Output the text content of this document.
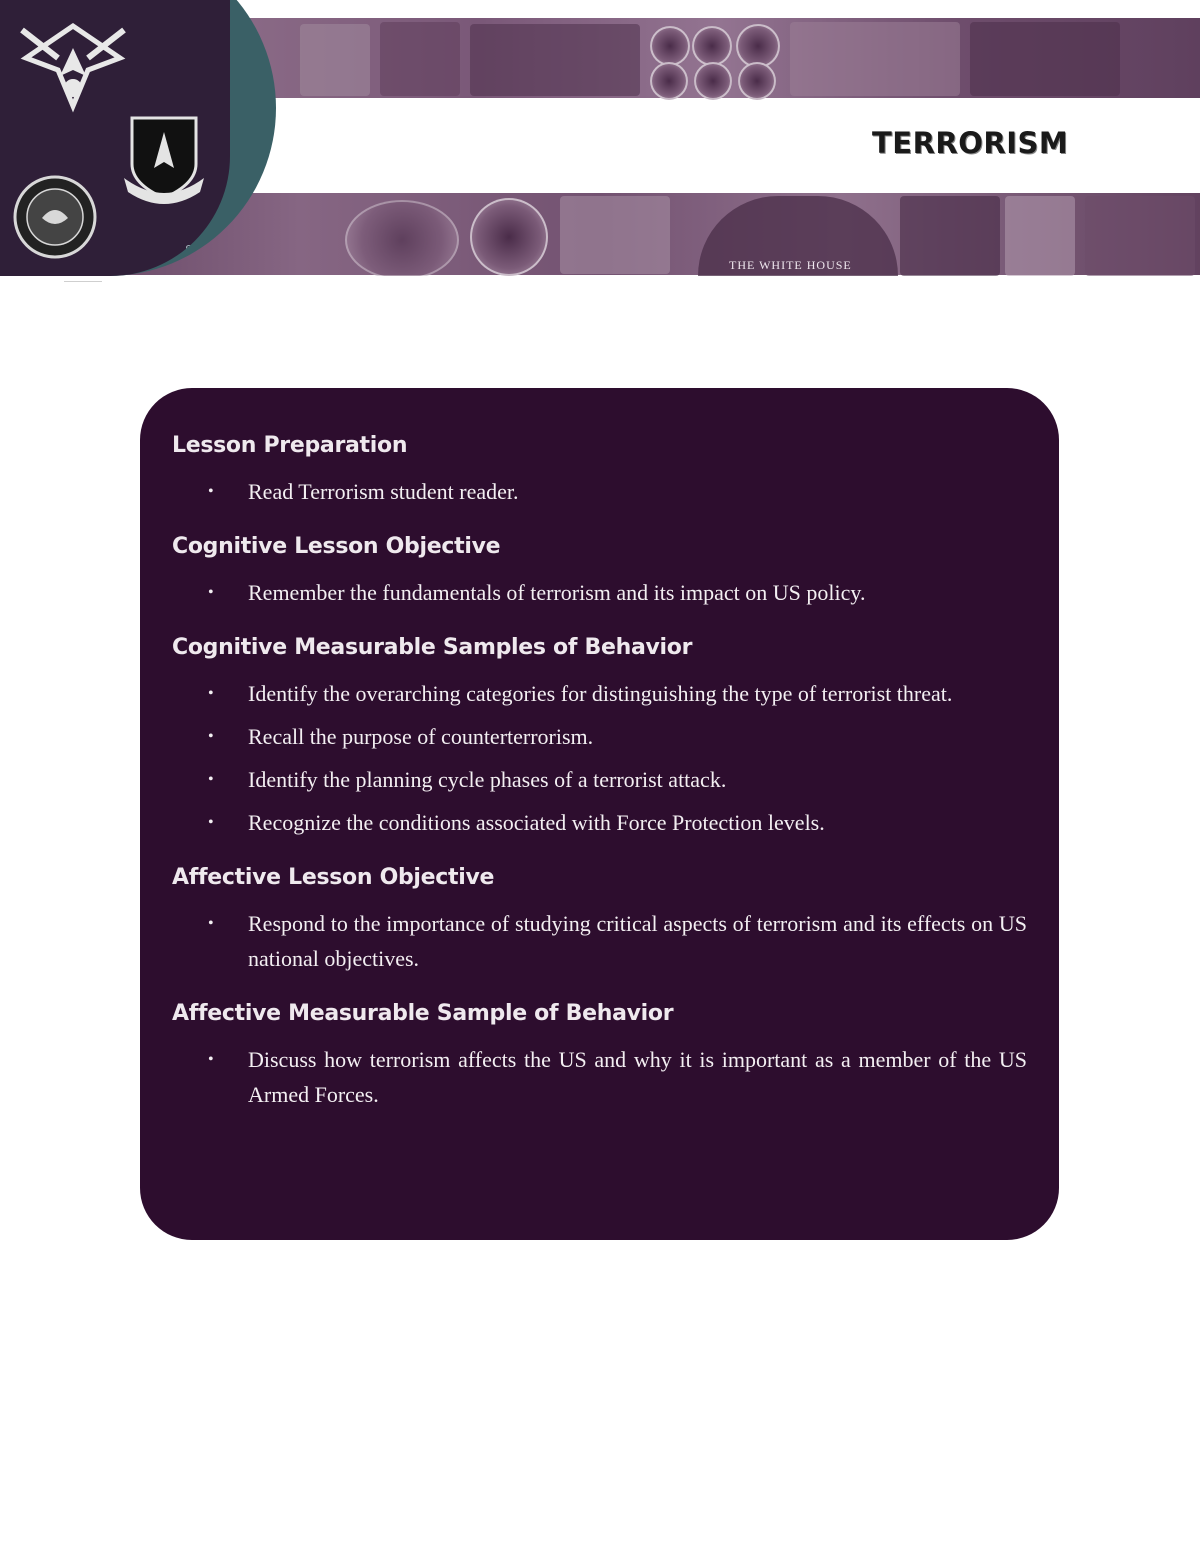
THE WHITE HOUSE
Space
TERRORISM
Lesson Preparation
• Read Terrorism student reader.
Cognitive Lesson Objective
• Remember the fundamentals of terrorism and its impact on US policy.
Cognitive Measurable Samples of Behavior
• Identify the overarching categories for distinguishing the type of terrorist threat.
• Recall the purpose of counterterrorism.
• Identify the planning cycle phases of a terrorist attack.
• Recognize the conditions associated with Force Protection levels.
Affective Lesson Objective
• Respond to the importance of studying critical aspects of terrorism and its effects on US national objectives.
Affective Measurable Sample of Behavior
• Discuss how terrorism affects the US and why it is important as a member of the US Armed Forces.
